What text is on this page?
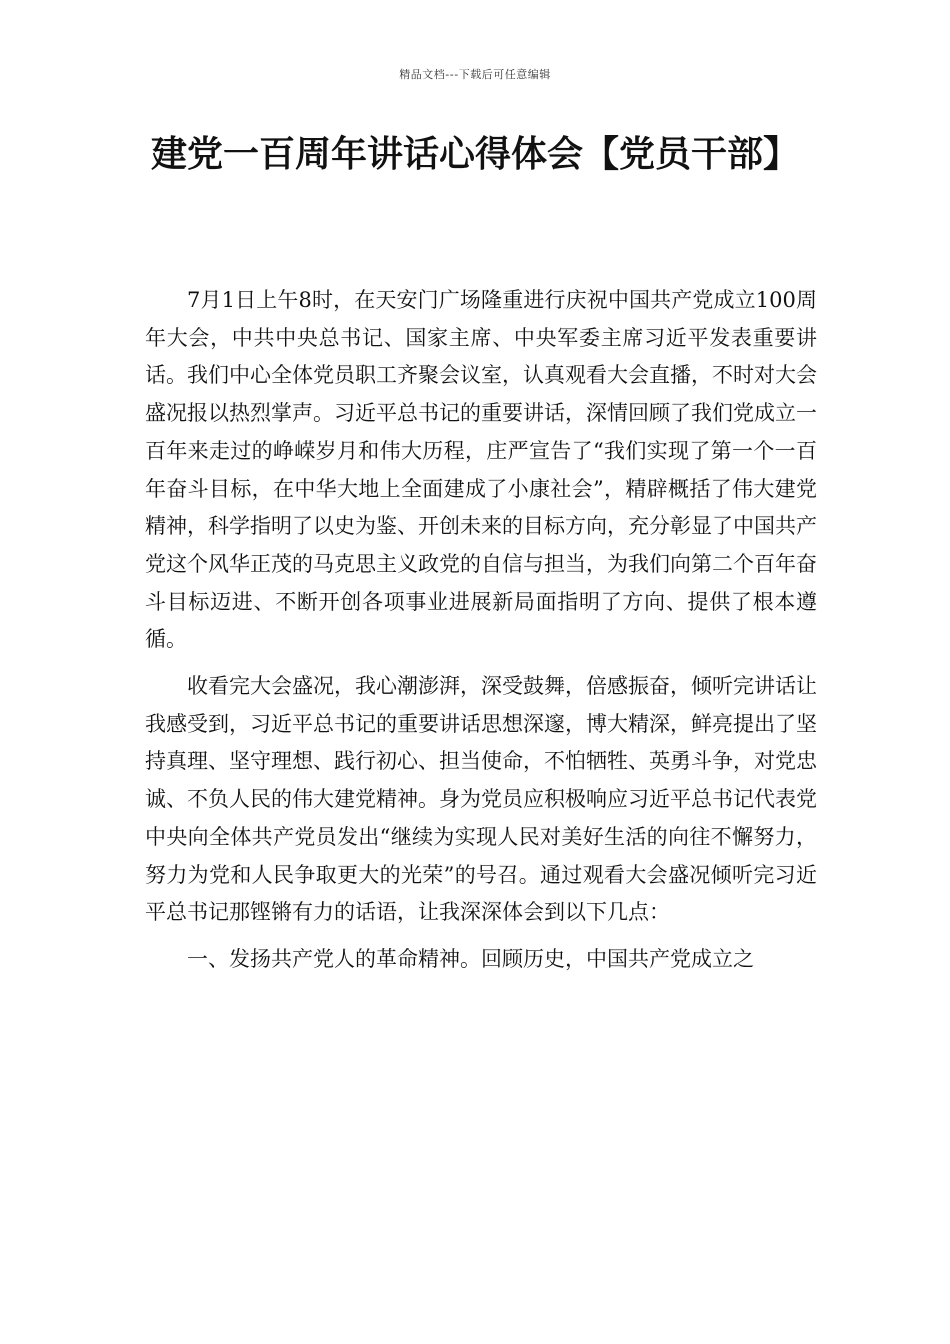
精品文档---下载后可任意编辑
建党一百周年讲话心得体会【党员干部】

7月1日上午8时，在天安门广场隆重进行庆祝中国共产党成立100周年大会，中共中央总书记、国家主席、中央军委主席习近平发表重要讲话。我们中心全体党员职工齐聚会议室，认真观看大会直播，不时对大会盛况报以热烈掌声。习近平总书记的重要讲话，深情回顾了我们党成立一百年来走过的峥嵘岁月和伟大历程，庄严宣告了“我们实现了第一个一百年奋斗目标，在中华大地上全面建成了小康社会”，精辟概括了伟大建党精神，科学指明了以史为鉴、开创未来的目标方向，充分彰显了中国共产党这个风华正茂的马克思主义政党的自信与担当，为我们向第二个百年奋斗目标迈进、不断开创各项事业进展新局面指明了方向、提供了根本遵循。

收看完大会盛况，我心潮澎湃，深受鼓舞，倍感振奋，倾听完讲话让我感受到，习近平总书记的重要讲话思想深邃，博大精深，鲜亮提出了坚持真理、坚守理想、践行初心、担当使命，不怕牺牲、英勇斗争，对党忠诚、不负人民的伟大建党精神。身为党员应积极响应习近平总书记代表党中央向全体共产党员发出“继续为实现人民对美好生活的向往不懈努力，努力为党和人民争取更大的光荣”的号召。通过观看大会盛况倾听完习近平总书记那铿锵有力的话语，让我深深体会到以下几点：

一、发扬共产党人的革命精神。回顾历史，中国共产党成立之
